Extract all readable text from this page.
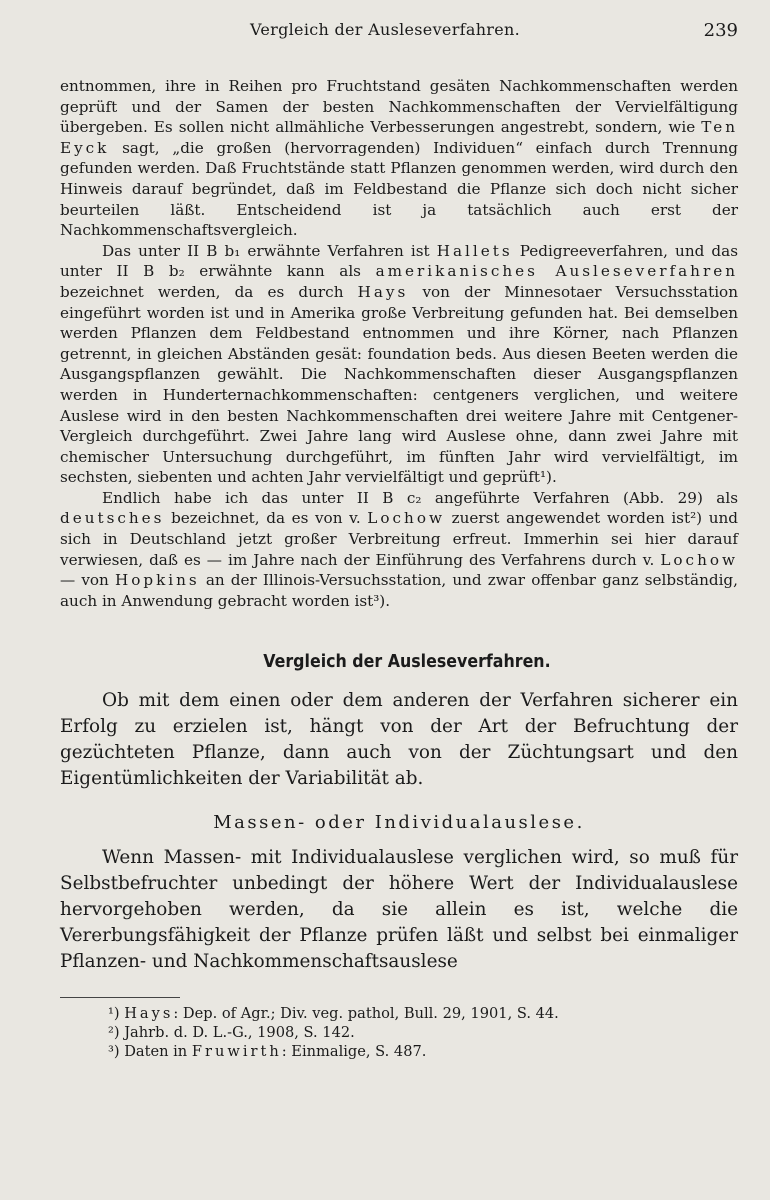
Vergleich der Ausleseverfahren.	239

entnommen, ihre in Reihen pro Fruchtstand gesäten Nachkommenschaften werden geprüft und der Samen der besten Nachkommenschaften der Vervielfältigung übergeben. Es sollen nicht allmähliche Verbesserungen angestrebt, sondern, wie Ten Eyck sagt, „die großen (hervorragenden) Individuen“ einfach durch Trennung gefunden werden. Daß Fruchtstände statt Pflanzen genommen werden, wird durch den Hinweis darauf begründet, daß im Feldbestand die Pflanze sich doch nicht sicher beurteilen läßt. Entscheidend ist ja tatsächlich auch erst der Nachkommenschaftsvergleich.

Das unter II B b₁ erwähnte Verfahren ist Hallets Pedigreeverfahren, und das unter II B b₂ erwähnte kann als amerikanisches Ausleseverfahren bezeichnet werden, da es durch Hays von der Minnesotaer Versuchsstation eingeführt worden ist und in Amerika große Verbreitung gefunden hat. Bei demselben werden Pflanzen dem Feldbestand entnommen und ihre Körner, nach Pflanzen getrennt, in gleichen Abständen gesät: foundation beds. Aus diesen Beeten werden die Ausgangspflanzen gewählt. Die Nachkommenschaften dieser Ausgangspflanzen werden in Hunderternachkommenschaften: centgeners verglichen, und weitere Auslese wird in den besten Nachkommenschaften drei weitere Jahre mit Centgener-Vergleich durchgeführt. Zwei Jahre lang wird Auslese ohne, dann zwei Jahre mit chemischer Untersuchung durchgeführt, im fünften Jahr wird vervielfältigt, im sechsten, siebenten und achten Jahr vervielfältigt und geprüft¹).

Endlich habe ich das unter II B c₂ angeführte Verfahren (Abb. 29) als deutsches bezeichnet, da es von v. Lochow zuerst angewendet worden ist²) und sich in Deutschland jetzt großer Verbreitung erfreut. Immerhin sei hier darauf verwiesen, daß es — im Jahre nach der Einführung des Verfahrens durch v. Lochow — von Hopkins an der Illinois-Versuchsstation, und zwar offenbar ganz selbständig, auch in Anwendung gebracht worden ist³).

Vergleich der Ausleseverfahren.

Ob mit dem einen oder dem anderen der Verfahren sicherer ein Erfolg zu erzielen ist, hängt von der Art der Befruchtung der gezüchteten Pflanze, dann auch von der Züchtungsart und den Eigentümlichkeiten der Variabilität ab.

Massen- oder Individualauslese.

Wenn Massen- mit Individualauslese verglichen wird, so muß für Selbstbefruchter unbedingt der höhere Wert der Individualauslese hervorgehoben werden, da sie allein es ist, welche die Vererbungsfähigkeit der Pflanze prüfen läßt und selbst bei einmaliger Pflanzen- und Nachkommenschaftsauslese

¹) Hays: Dep. of Agr.; Div. veg. pathol, Bull. 29, 1901, S. 44.
²) Jahrb. d. D. L.-G., 1908, S. 142.
³) Daten in Fruwirth: Einmalige, S. 487.
